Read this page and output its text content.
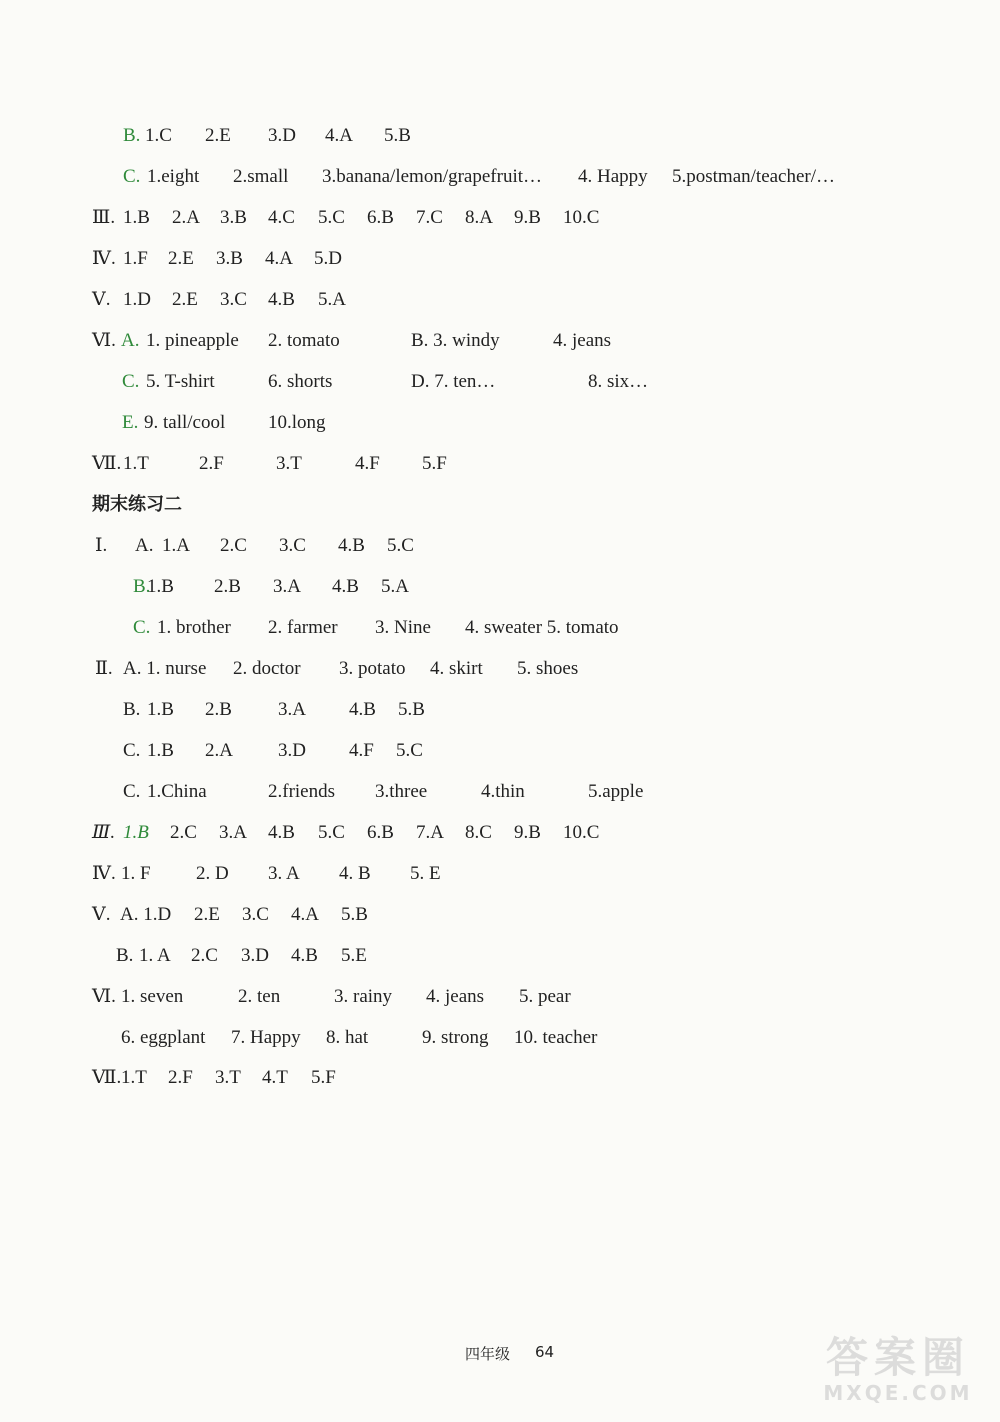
B. 1.C 2.E 3.D 4.A 5.B
C. 1.eight 2.small 3.banana/lemon/grapefruit… 4. Happy 5.postman/teacher/…
Ⅲ. 1.B 2.A 3.B 4.C 5.C 6.B 7.C 8.A 9.B 10.C
Ⅳ. 1.F 2.E 3.B 4.A 5.D
Ⅴ. 1.D 2.E 3.C 4.B 5.A
Ⅵ. A. 1. pineapple 2. tomato	B. 3. windy	4. jeans
C. 5. T-shirt	6. shorts	D. 7. ten…	8. six…
E. 9. tall/cool 10.long
Ⅶ. 1.T	2.F	3.T	4.F 5.F
期末练习二
Ⅰ. A. 1.A 2.C 3.C 4.B 5.C
B.
1.B 2.B 3.A 4.B 5.A
C. 1. brother 2. farmer 3. Nine 4. sweater 5. tomato
Ⅱ. A. 1. nurse 2. doctor 3. potato 4. skirt 5. shoes
B. 1.B 2.B 3.A 4.B 5.B
C. 1.B 2.A 3.D 4.F 5.C
C. 1.China	2.friends 3.three	4.thin	5.apple
Ⅲ. 1.B 2.C 3.A 4.B 5.C 6.B 7.A 8.C 9.B 10.C
Ⅳ. 1. F 2. D 3. A 4. B 5. E
Ⅴ. A. 1.D 2.E 3.C 4.A 5.B
B. 1. A 2.C 3.D 4.B 5.E
Ⅵ. 1. seven	2. ten	3. rainy 4. jeans 5. pear
6. eggplant 7. Happy 8. hat	9. strong 10. teacher
Ⅶ. 1.T 2.F 3.T 4.T 5.F
四年级 64	答案圈
MXQE.COM
